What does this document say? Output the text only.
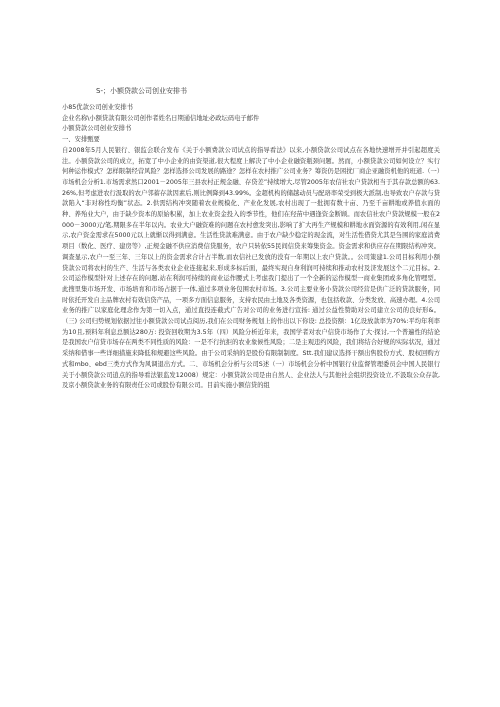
S-；小额贷款公司创业安排书
小85优款公司创业安排书
企业名称\小额贷款有限公司创作者姓名日期通信地址必政坛码电子邮件
小额贷款公司创业安排书
一、安排甄要

自2008年5月人民银行、银监会联合发布《关于小额费款公司试点的指导看法》以来,小额贷款公司试点在各地快速增开并引起超度关注。小额贷款公司的成立，拓宽了中小企业的由资渠道,很大程度上解决了中小企业融资瓶颈问题。然而，小额贷款公司如何设立？实行何种运作模式？怎样限制经营风险？怎样选择公司发展的路途？怎样在农村推广公司业务？筹资仍是困扰厂商企亚融资机他的班道.（一）市场机会分析1.市场需求然口2001－2005年三县农村正规金融、存贷差”持续增大,尽管2005年农信社农户贷款相当于其存款总额的63.26%,但考虑进农行汲取的农户邻蓄存款因素后,则比例降到43.99%。金超机构的储越动员与配珞率荣受到极大派制,也导致农户存款与贷款陷入“非对称性均衡”状态。2.供需结构冲突随着农业规模化、产业化发展,农村出现了一批拥有数十亩、乃至千亩耕地或养值水面的种、养殆业大户，由于缺少资本的原始积累，加上农业资金投入的季节性，他们在羟苗中遇逢资金断顾。而农信社农户贷款规模一般在2000－3000元/笔,期限多在半年以内。农业大户融资难的问题在农村愈发突出,影响了扩大再生产规模和耕地水面资源的有效利用,闲在显示,农户资金需求在5000元以上就惭以得到满意。生活性贷款难满意。由于农户缺少稳定的现金流，对生活性借贷尤其是刍围的家庭消费项目（数化、医疗、建房等）,正规金融不供应消费信贷服务，农户只转依55民间信贷来筹集资金。资金需求和供应存在期限结构冲突。调查显示,农户一至三年、三年以上的资金需求合计占半数,而农信社已发放的没有一年期以上农户贷款。。公司策建1.公司目标利用小额贷款公司将农村的生产、生活与各类农业企业连接起来,形成多标后面，最终实现自身利润可持续和推动农村及济发展这个二元目标。2.公司运作模型针对上述存在的问题,站在利润可持续的商业运作腰式上考虑我门提出了一个全新的运作模型一商业集团或多角化管哩型。此搜里集市场开发、市场培育和市场占据于一体,通过多项业务包围农村市场。3.公司主要业务小贷款公司经营是供广泛的贷款服务，同时依托开发自主品牌农村有效信贷产品，一项多方面信息服务，支持农民由土地及各类资源，也包括收款、分类发放、高速办理。4.公司业务的推广以家庭化理念作为第一切入点，通过直投连截式广告对公司的业务进行宣扬: 通过公益性赞助对公司建立公司的良好形&。（三) 公司归势规划依据过往小额贷款公司试点阅历,我们在公司财务规划上的作出以下你设: 总投资额：1亿设放款率为70%:平均年利率为10且,预料年利息总额达280万: 投资回收期为3.5年（四）风险分析近年来，我国学者对农户信贷市场作了大·探讨,一个普遍性的结论是我国农户信贷市场存在两类不同性质的风险：一是不行抗拒的农业象候性风险；二是主观违约风险，我们将结合好规的实际状况，通过采纳和借事一些详细措施来降低和规避这些风险。由于公司采纳的是股份有限制制度。Stt.我们建议选择干额出售股份方式、股权回购方式和mbo、ebd三类方式作为风调退出方式。二、市场机会分析与公司S述（一）市场机会分析中国银行业监督管理委员会中国人民银行关于小额贷款公司逍点的指导看法银监发12008）规定：小额贷款公司是由自然人、企业法人与其他社会组织投资设立,不汲取公众存款,及京小额贷款业务的有限责任公司或股份有限公司。目前实施小额信贷的组
